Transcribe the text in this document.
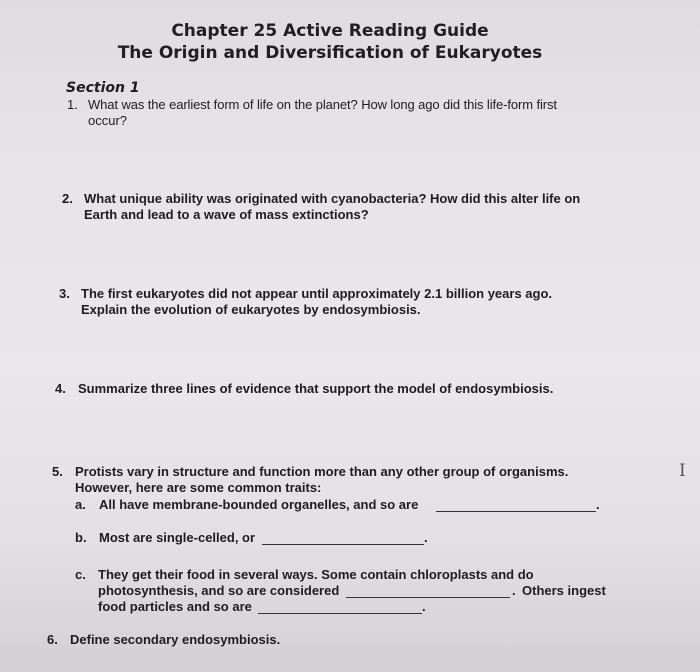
Chapter 25 Active Reading Guide
The Origin and Diversification of Eukaryotes
Section 1
1. What was the earliest form of life on the planet? How long ago did this life-form first
occur?
2. What unique ability was originated with cyanobacteria? How did this alter life on
Earth and lead to a wave of mass extinctions?
3. The first eukaryotes did not appear until approximately 2.1 billion years ago.
Explain the evolution of eukaryotes by endosymbiosis.
4. Summarize three lines of evidence that support the model of endosymbiosis.
5. Protists vary in structure and function more than any other group of organisms.
However, here are some common traits:
a. All have membrane-bounded organelles, and so are	.
b. Most are single-celled, or	.
c. They get their food in several ways. Some contain chloroplasts and do
photosynthesis, and so are considered	. Others ingest
food particles and so are	.
6. Define secondary endosymbiosis.
I
